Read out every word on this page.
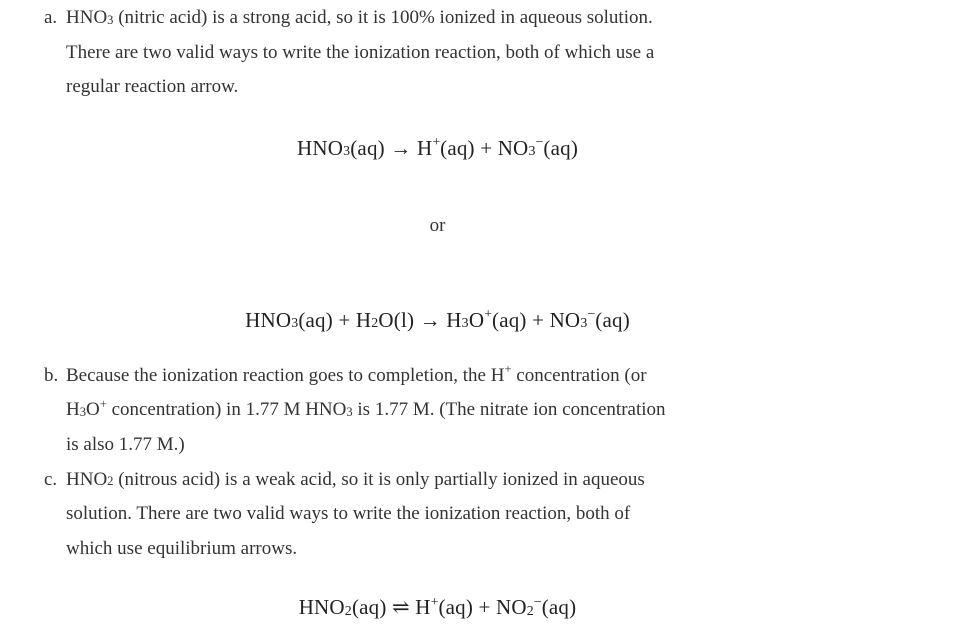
a. HNO3 (nitric acid) is a strong acid, so it is 100% ionized in aqueous solution.
There are two valid ways to write the ionization reaction, both of which use a
regular reaction arrow.
HNO3(aq) → H+(aq) + NO3−(aq)
or
HNO3(aq) + H2O(l) → H3O+(aq) + NO3−(aq)
b. Because the ionization reaction goes to completion, the H+ concentration (or
H3O+ concentration) in 1.77 M HNO3 is 1.77 M. (The nitrate ion concentration
is also 1.77 M.)
c. HNO2 (nitrous acid) is a weak acid, so it is only partially ionized in aqueous
solution. There are two valid ways to write the ionization reaction, both of
which use equilibrium arrows.
HNO2(aq) ⇌ H+(aq) + NO2−(aq)
